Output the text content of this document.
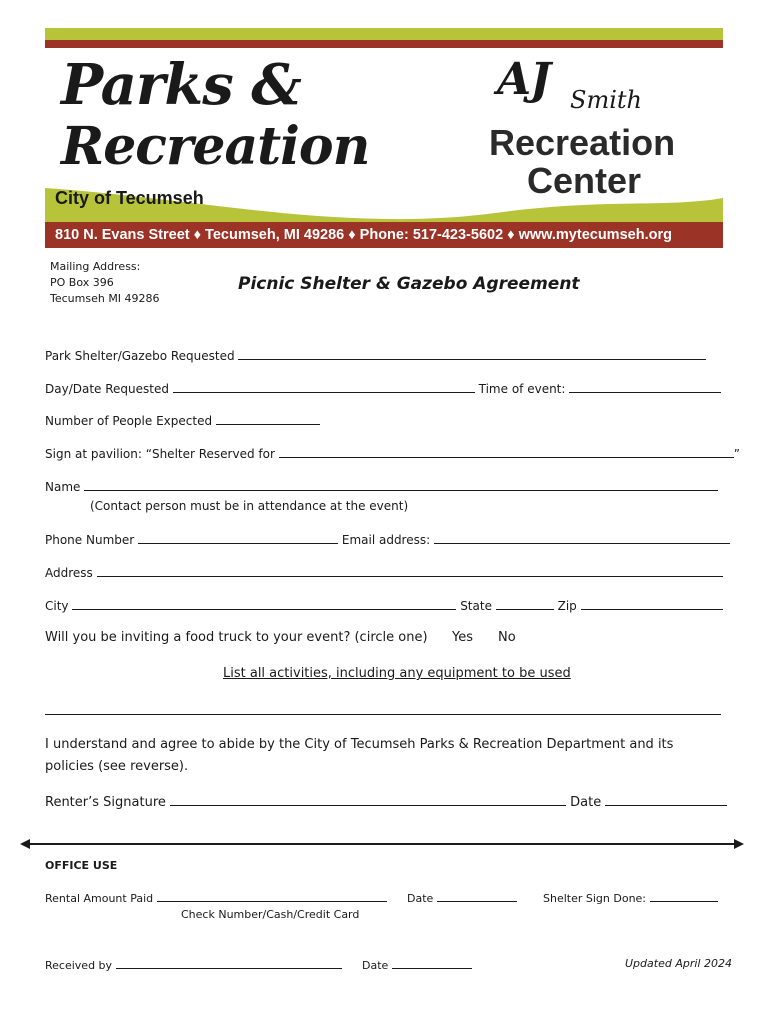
Parks &
Recreation
AJ Smith
Recreation
Center
City of Tecumseh
810 N. Evans Street ♦ Tecumseh, MI 49286 ♦ Phone: 517-423-5602 ♦ www.mytecumseh.org
Mailing Address:
PO Box 396
Tecumseh MI 49286
Picnic Shelter & Gazebo Agreement
Park Shelter/Gazebo Requested
Day/Date Requested	Time of event:
Number of People Expected
Sign at pavilion: “Shelter Reserved for	”
Name
(Contact person must be in attendance at the event)
Phone Number	Email address:
Address
City	State	Zip
Will you be inviting a food truck to your event? (circle one) Yes No
List all activities, including any equipment to be used
I understand and agree to abide by the City of Tecumseh Parks & Recreation Department and its policies (see reverse).
Renter’s Signature	Date
OFFICE USE
Rental Amount Paid	Date	Shelter Sign Done:
Check Number/Cash/Credit Card
Received by	Date	Updated April 2024
